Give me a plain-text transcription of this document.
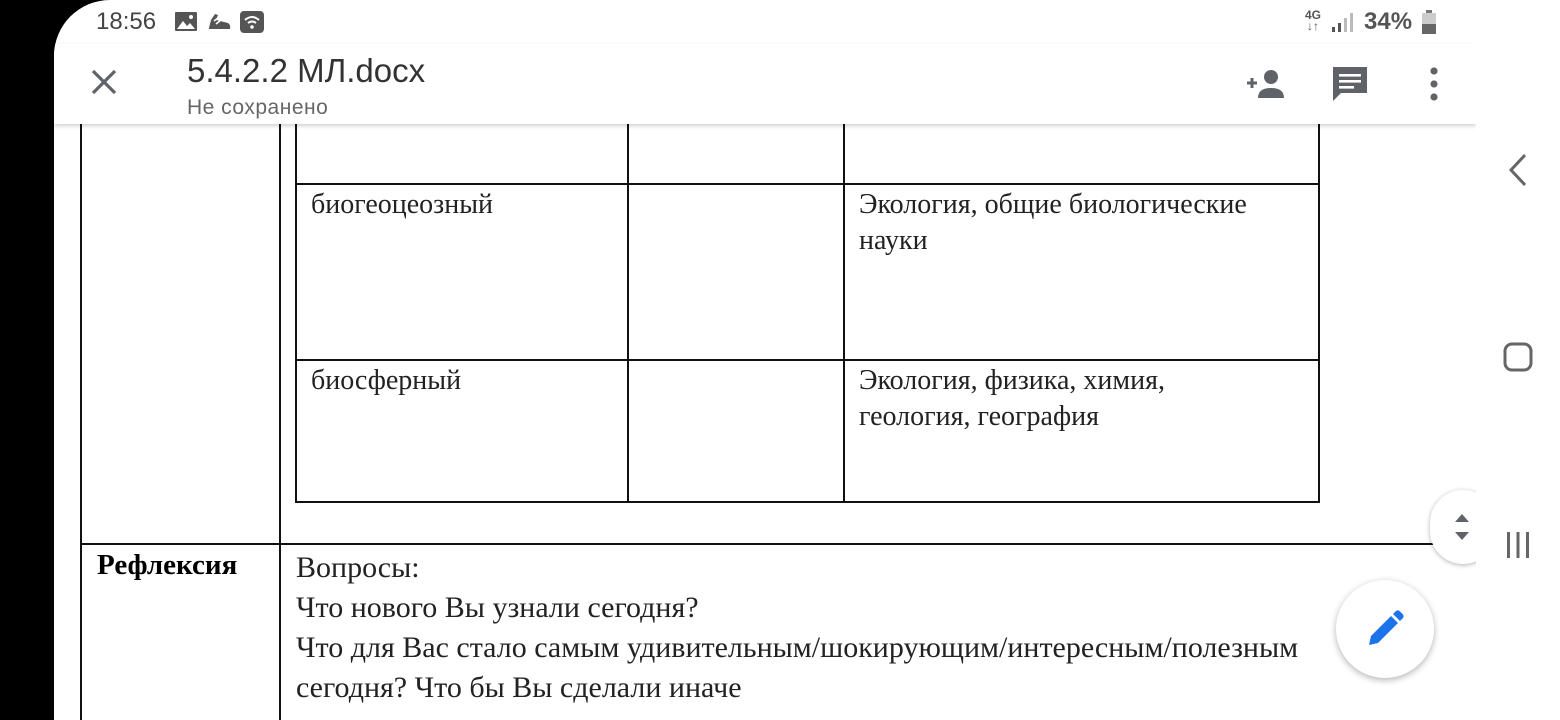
18:56	4G
↓↑ 34%
5.4.2.2 МЛ.docx
Не сохранено
биогеоцеозный	Экология, общие биологические
науки
биосферный	Экология, физика, химия,
геология, география
Рефлексия Вопросы:
Что нового Вы узнали сегодня?
Что для Вас стало самым удивительным/шокирующим/интересным/полезным
сегодня? Что бы Вы сделали иначе
